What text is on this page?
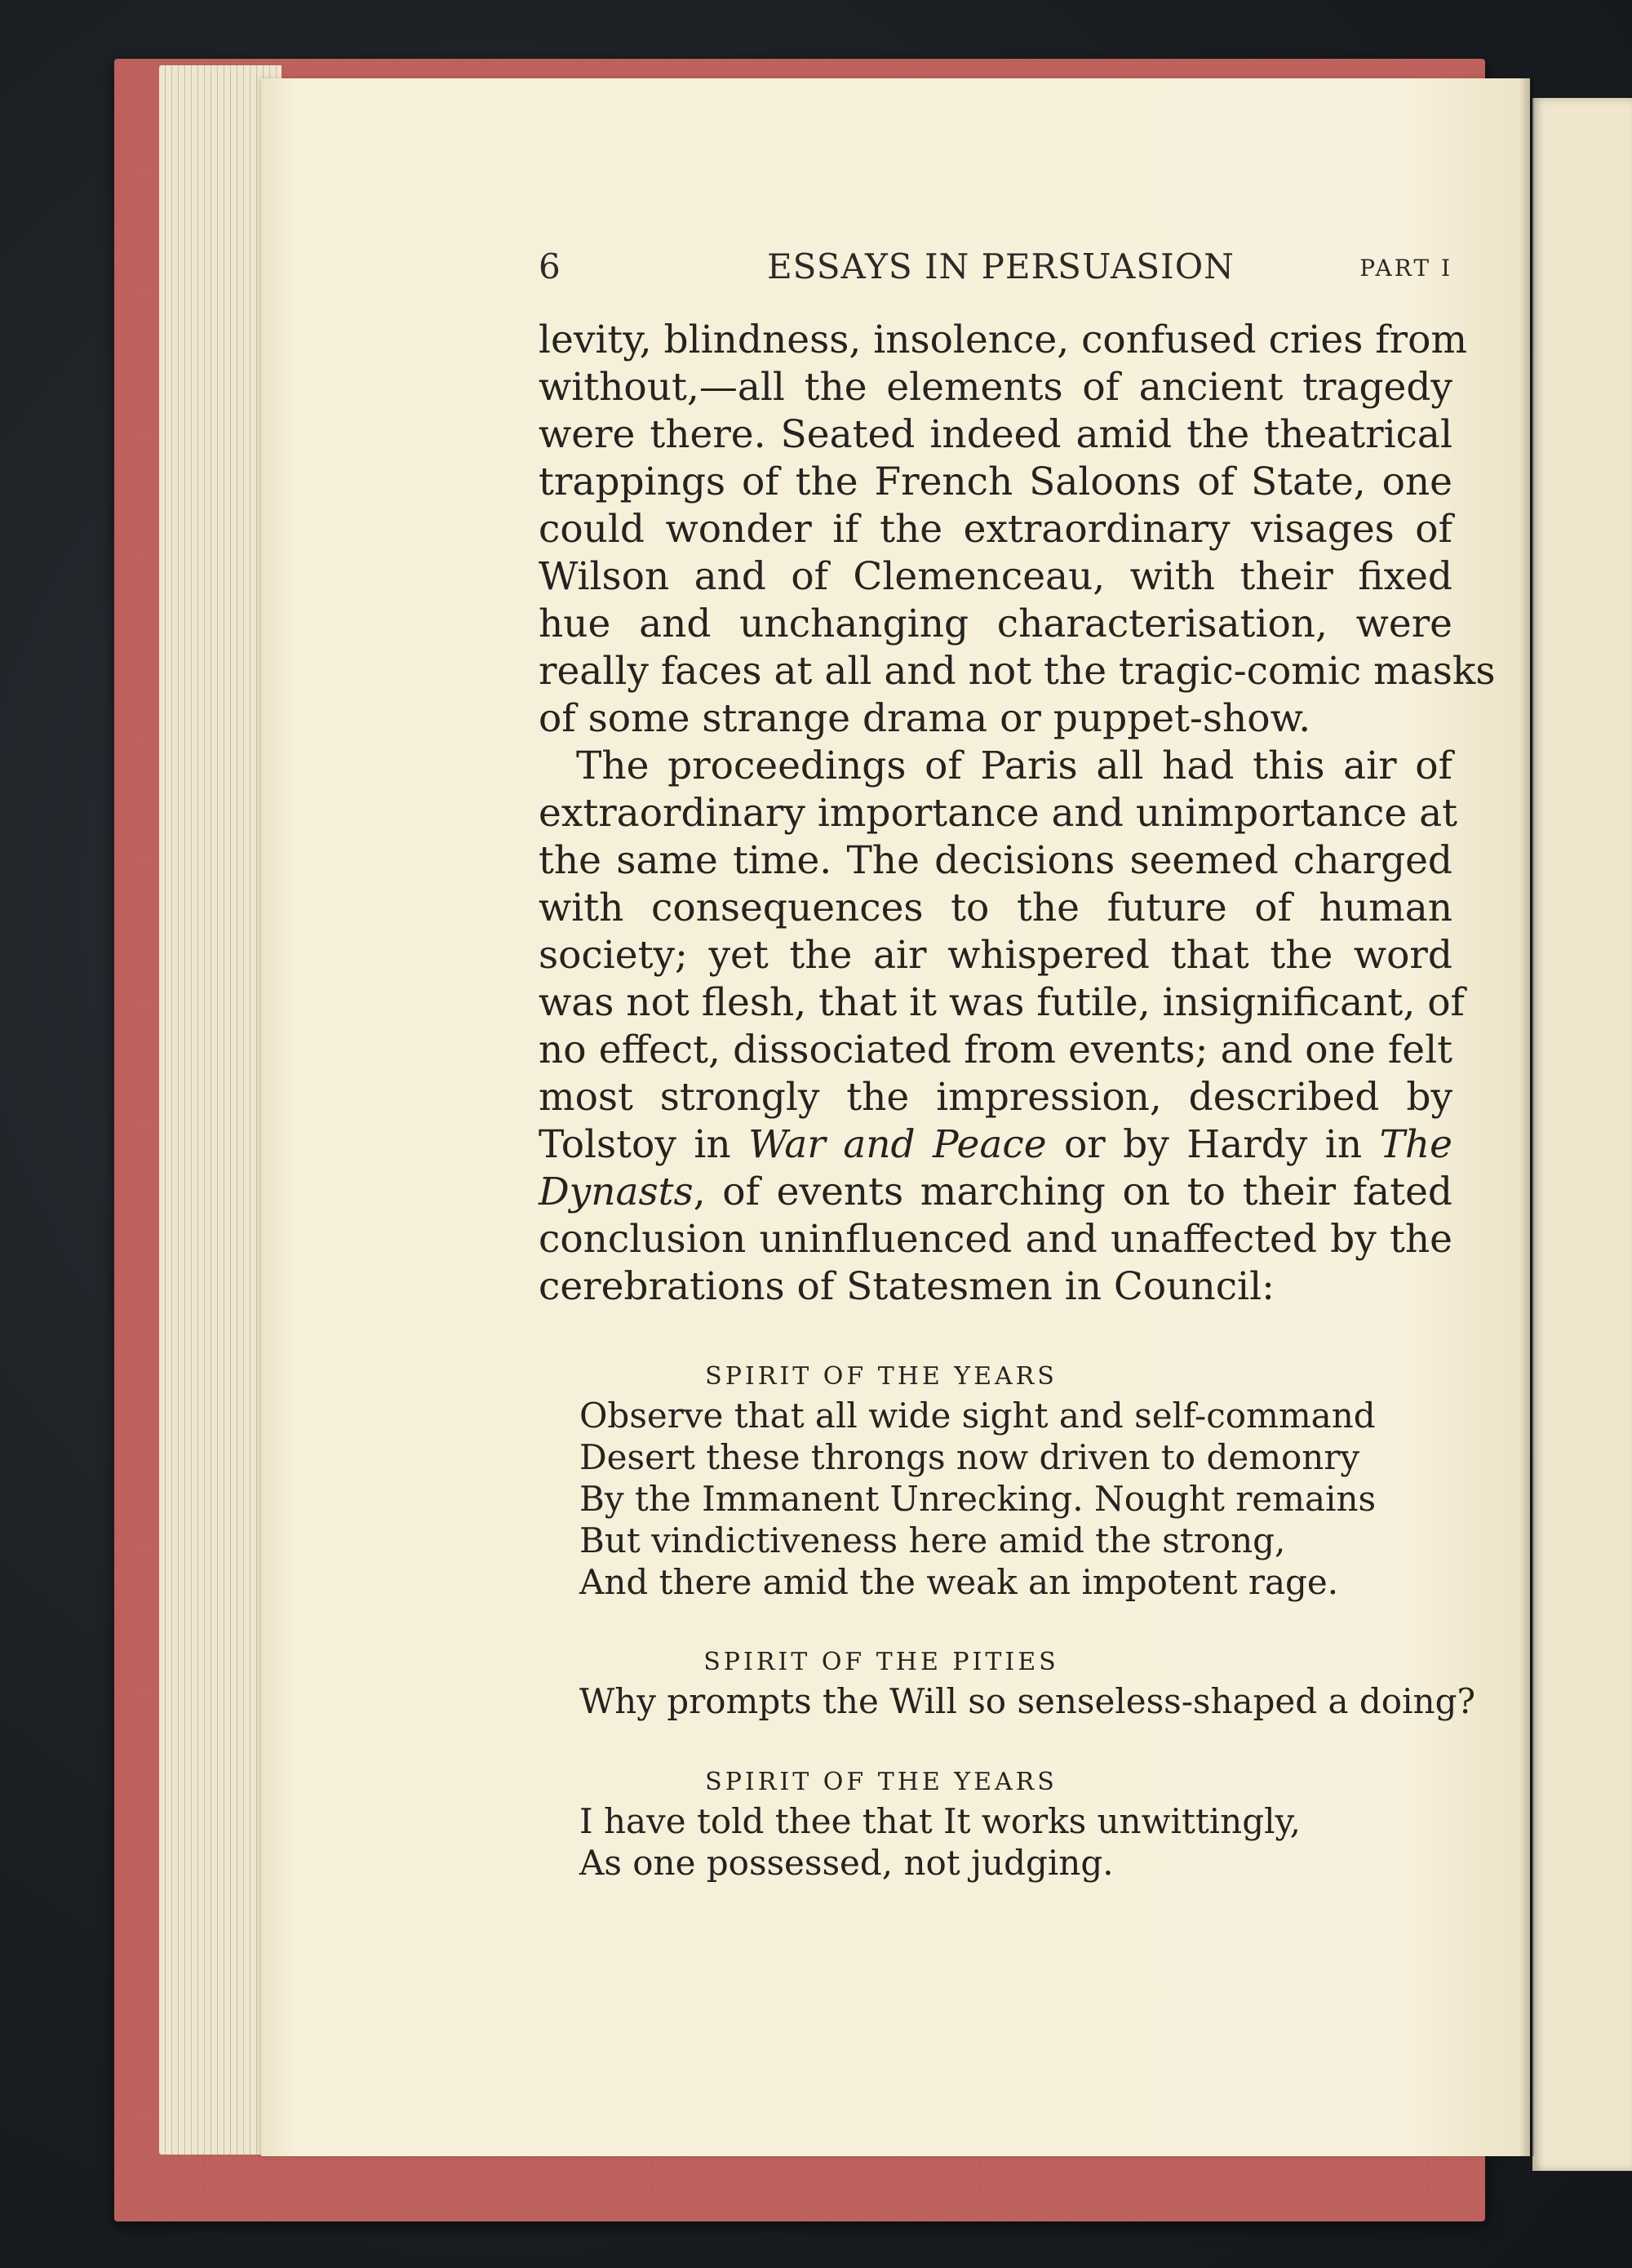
6	ESSAYS IN PERSUASION	PART I
levity, blindness, insolence, confused cries from
without,—all the elements of ancient tragedy
were there. Seated indeed amid the theatrical
trappings of the French Saloons of State, one
could wonder if the extraordinary visages of
Wilson and of Clemenceau, with their fixed
hue and unchanging characterisation, were
really faces at all and not the tragic-comic masks
of some strange drama or puppet-show.
The proceedings of Paris all had this air of
extraordinary importance and unimportance at
the same time. The decisions seemed charged
with consequences to the future of human
society; yet the air whispered that the word
was not flesh, that it was futile, insignificant, of
no effect, dissociated from events; and one felt
most strongly the impression, described by
Tolstoy in War and Peace or by Hardy in The
Dynasts, of events marching on to their fated
conclusion uninfluenced and unaffected by the
cerebrations of Statesmen in Council:
SPIRIT OF THE YEARS
Observe that all wide sight and self-command
Desert these throngs now driven to demonry
By the Immanent Unrecking. Nought remains
But vindictiveness here amid the strong,
And there amid the weak an impotent rage.
SPIRIT OF THE PITIES
Why prompts the Will so senseless-shaped a doing?
SPIRIT OF THE YEARS
I have told thee that It works unwittingly,
As one possessed, not judging.
